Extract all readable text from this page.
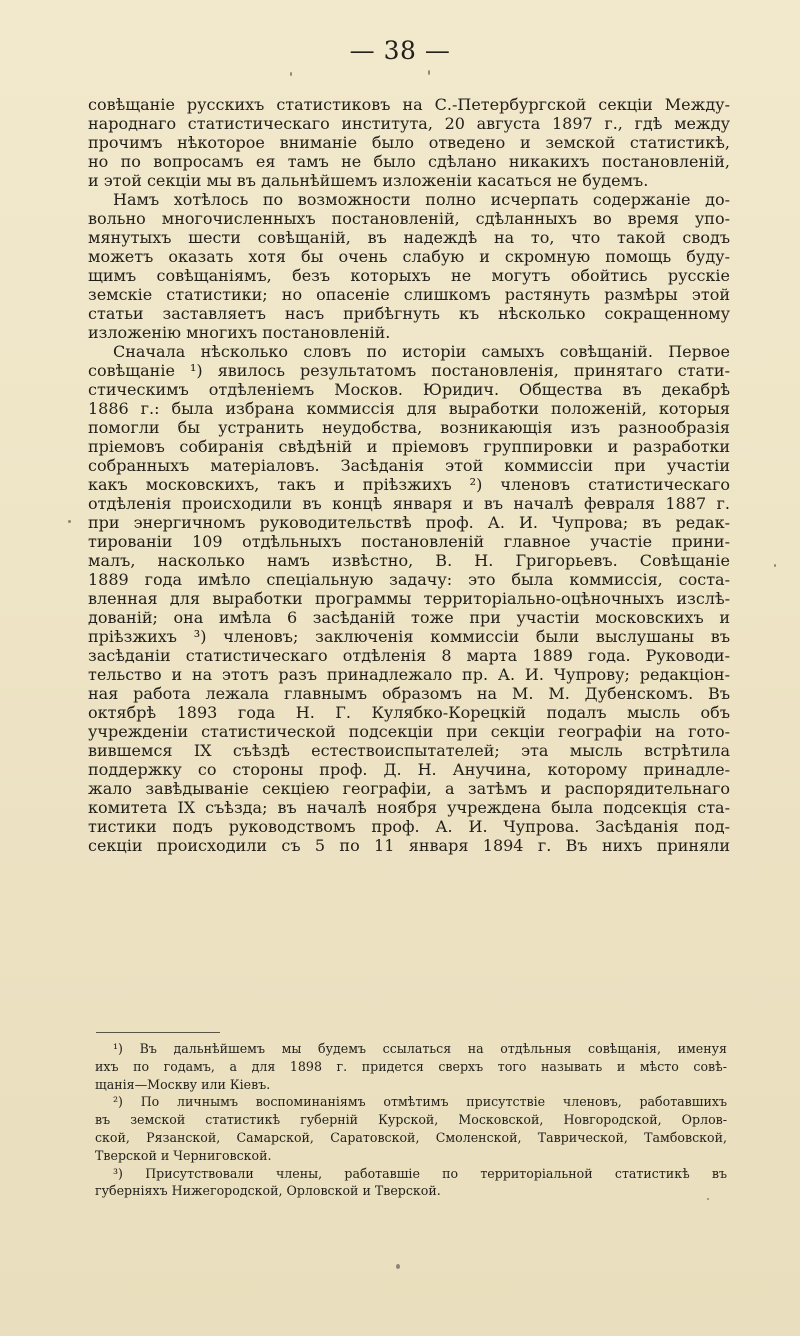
— 38 —
совѣщаніе русскихъ статистиковъ на С.-Петербургской секціи Между-
народнаго статистическаго института, 20 августа 1897 г., гдѣ между
прочимъ нѣкоторое вниманіе было отведено и земской статистикѣ,
но по вопросамъ ея тамъ не было сдѣлано никакихъ постановленій,
и этой секціи мы въ дальнѣйшемъ изложеніи касаться не будемъ.
Намъ хотѣлось по возможности полно исчерпать содержаніе до-
вольно многочисленныхъ постановленій, сдѣланныхъ во время упо-
мянутыхъ шести совѣщаній, въ надеждѣ на то, что такой сводъ
можетъ оказать хотя бы очень слабую и скромную помощь буду-
щимъ совѣщаніямъ, безъ которыхъ не могутъ обойтись русскіе
земскіе статистики; но опасеніе слишкомъ растянуть размѣры этой
статьи заставляетъ насъ прибѣгнуть къ нѣсколько сокращенному
изложенію многихъ постановленій.
Сначала нѣсколько словъ по исторіи самыхъ совѣщаній. Первое
совѣщаніе ¹) явилось результатомъ постановленія, принятаго стати-
стическимъ отдѣленіемъ Москов. Юридич. Общества въ декабрѣ
1886 г.: была избрана коммиссія для выработки положеній, которыя
помогли бы устранить неудобства, возникающія изъ разнообразія
пріемовъ собиранія свѣдѣній и пріемовъ группировки и разработки
собранныхъ матеріаловъ. Засѣданія этой коммиссіи при участіи
какъ московскихъ, такъ и пріѣзжихъ ²) членовъ статистическаго
отдѣленія происходили въ концѣ января и въ началѣ февраля 1887 г.
при энергичномъ руководительствѣ проф. А. И. Чупрова; въ редак-
тированіи 109 отдѣльныхъ постановленій главное участіе прини-
малъ, насколько намъ извѣстно, В. Н. Григорьевъ. Совѣщаніе
1889 года имѣло спеціальную задачу: это была коммиссія, соста-
вленная для выработки программы территоріально-оцѣночныхъ изслѣ-
дованій; она имѣла 6 засѣданій тоже при участіи московскихъ и
пріѣзжихъ ³) членовъ; заключенія коммиссіи были выслушаны въ
засѣданіи статистическаго отдѣленія 8 марта 1889 года. Руководи-
тельство и на этотъ разъ принадлежало пр. А. И. Чупрову; редакціон-
ная работа лежала главнымъ образомъ на М. М. Дубенскомъ. Въ
октябрѣ 1893 года Н. Г. Кулябко-Корецкій подалъ мысль объ
учрежденіи статистической подсекціи при секціи географіи на гото-
вившемся IX съѣздѣ естествоиспытателей; эта мысль встрѣтила
поддержку со стороны проф. Д. Н. Анучина, которому принадле-
жало завѣдываніе секціею географіи, а затѣмъ и распорядительнаго
комитета IX съѣзда; въ началѣ ноября учреждена была подсекція ста-
тистики подъ руководствомъ проф. А. И. Чупрова. Засѣданія под-
секціи происходили съ 5 по 11 января 1894 г. Въ нихъ приняли
¹) Въ дальнѣйшемъ мы будемъ ссылаться на отдѣльныя совѣщанія, именуя
ихъ по годамъ, а для 1898 г. придется сверхъ того называть и мѣсто совѣ-
щанія—Москву или Кіевъ.
²) По личнымъ воспоминаніямъ отмѣтимъ присутствіе членовъ, работавшихъ
въ земской статистикѣ губерній Курской, Московской, Новгородской, Орлов-
ской, Рязанской, Самарской, Саратовской, Смоленской, Таврической, Тамбовской,
Тверской и Черниговской.
³) Присутствовали члены, работавшіе по территоріальной статистикѣ въ
губерніяхъ Нижегородской, Орловской и Тверской.
